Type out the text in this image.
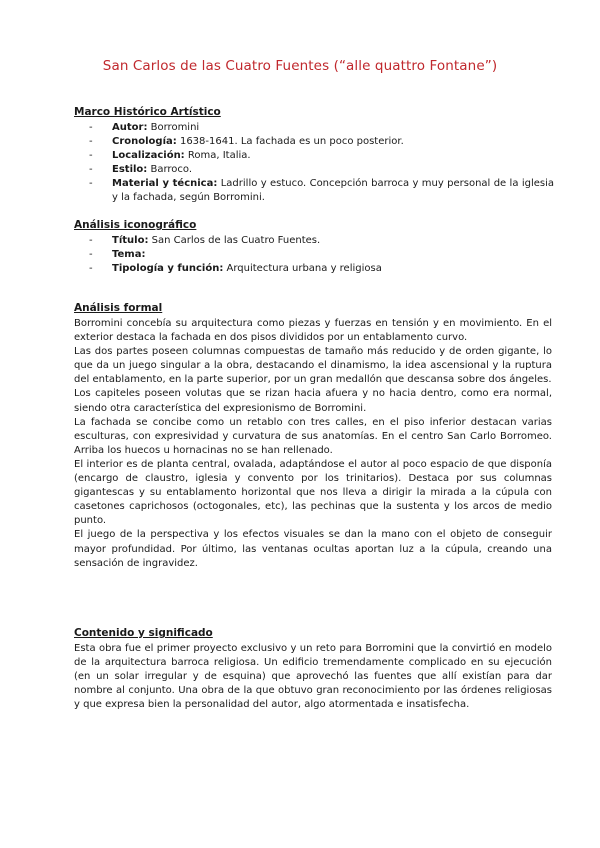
San Carlos de las Cuatro Fuentes (“alle quattro Fontane”)
Marco Histórico Artístico
- Autor: Borromini
- Cronología: 1638-1641. La fachada es un poco posterior.
- Localización: Roma, Italia.
- Estilo: Barroco.
- Material y técnica: Ladrillo y estuco. Concepción barroca y muy personal de la iglesia y la fachada, según Borromini.
Análisis iconográfico
- Título: San Carlos de las Cuatro Fuentes.
- Tema:
- Tipología y función: Arquitectura urbana y religiosa
Análisis formal

Borromini concebía su arquitectura como piezas y fuerzas en tensión y en movimiento. En el exterior destaca la fachada en dos pisos divididos por un entablamento curvo.

Las dos partes poseen columnas compuestas de tamaño más reducido y de orden gigante, lo que da un juego singular a la obra, destacando el dinamismo, la idea ascensional y la ruptura del entablamento, en la parte superior, por un gran medallón que descansa sobre dos ángeles.

Los capiteles poseen volutas que se rizan hacia afuera y no hacia dentro, como era normal, siendo otra característica del expresionismo de Borromini.

La fachada se concibe como un retablo con tres calles, en el piso inferior destacan varias esculturas, con expresividad y curvatura de sus anatomías. En el centro San Carlo Borromeo. Arriba los huecos u hornacinas no se han rellenado.

El interior es de planta central, ovalada, adaptándose el autor al poco espacio de que disponía (encargo de claustro, iglesia y convento por los trinitarios). Destaca por sus columnas gigantescas y su entablamento horizontal que nos lleva a dirigir la mirada a la cúpula con casetones caprichosos (octogonales, etc), las pechinas que la sustenta y los arcos de medio punto.

El juego de la perspectiva y los efectos visuales se dan la mano con el objeto de conseguir mayor profundidad. Por último, las ventanas ocultas aportan luz a la cúpula, creando una sensación de ingravidez.

Contenido y significado

Esta obra fue el primer proyecto exclusivo y un reto para Borromini que la convirtió en modelo de la arquitectura barroca religiosa. Un edificio tremendamente complicado en su ejecución (en un solar irregular y de esquina) que aprovechó las fuentes que allí existían para dar nombre al conjunto. Una obra de la que obtuvo gran reconocimiento por las órdenes religiosas y que expresa bien la personalidad del autor, algo atormentada e insatisfecha.
